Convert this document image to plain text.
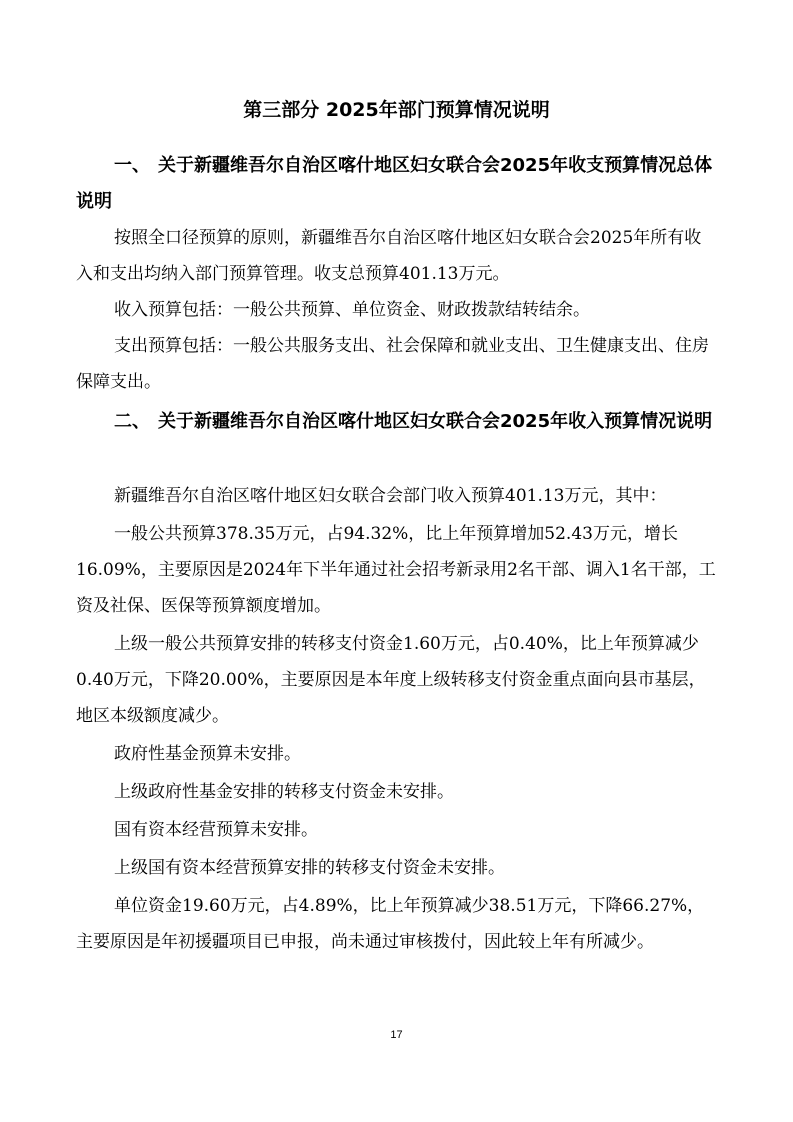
第三部分 2025年部门预算情况说明
一、 关于新疆维吾尔自治区喀什地区妇女联合会2025年收支预算情况总体说明

按照全口径预算的原则，新疆维吾尔自治区喀什地区妇女联合会2025年所有收入和支出均纳入部门预算管理。收支总预算401.13万元。

收入预算包括：一般公共预算、单位资金、财政拨款结转结余。

支出预算包括：一般公共服务支出、社会保障和就业支出、卫生健康支出、住房保障支出。

二、 关于新疆维吾尔自治区喀什地区妇女联合会2025年收入预算情况说明

新疆维吾尔自治区喀什地区妇女联合会部门收入预算401.13万元，其中：

一般公共预算378.35万元，占94.32%，比上年预算增加52.43万元，增长16.09%，主要原因是2024年下半年通过社会招考新录用2名干部、调入1名干部，工资及社保、医保等预算额度增加。

上级一般公共预算安排的转移支付资金1.60万元，占0.40%，比上年预算减少0.40万元，下降20.00%，主要原因是本年度上级转移支付资金重点面向县市基层，地区本级额度减少。

政府性基金预算未安排。

上级政府性基金安排的转移支付资金未安排。

国有资本经营预算未安排。

上级国有资本经营预算安排的转移支付资金未安排。

单位资金19.60万元，占4.89%，比上年预算减少38.51万元，下降66.27%，主要原因是年初援疆项目已申报，尚未通过审核拨付，因此较上年有所减少。

17
